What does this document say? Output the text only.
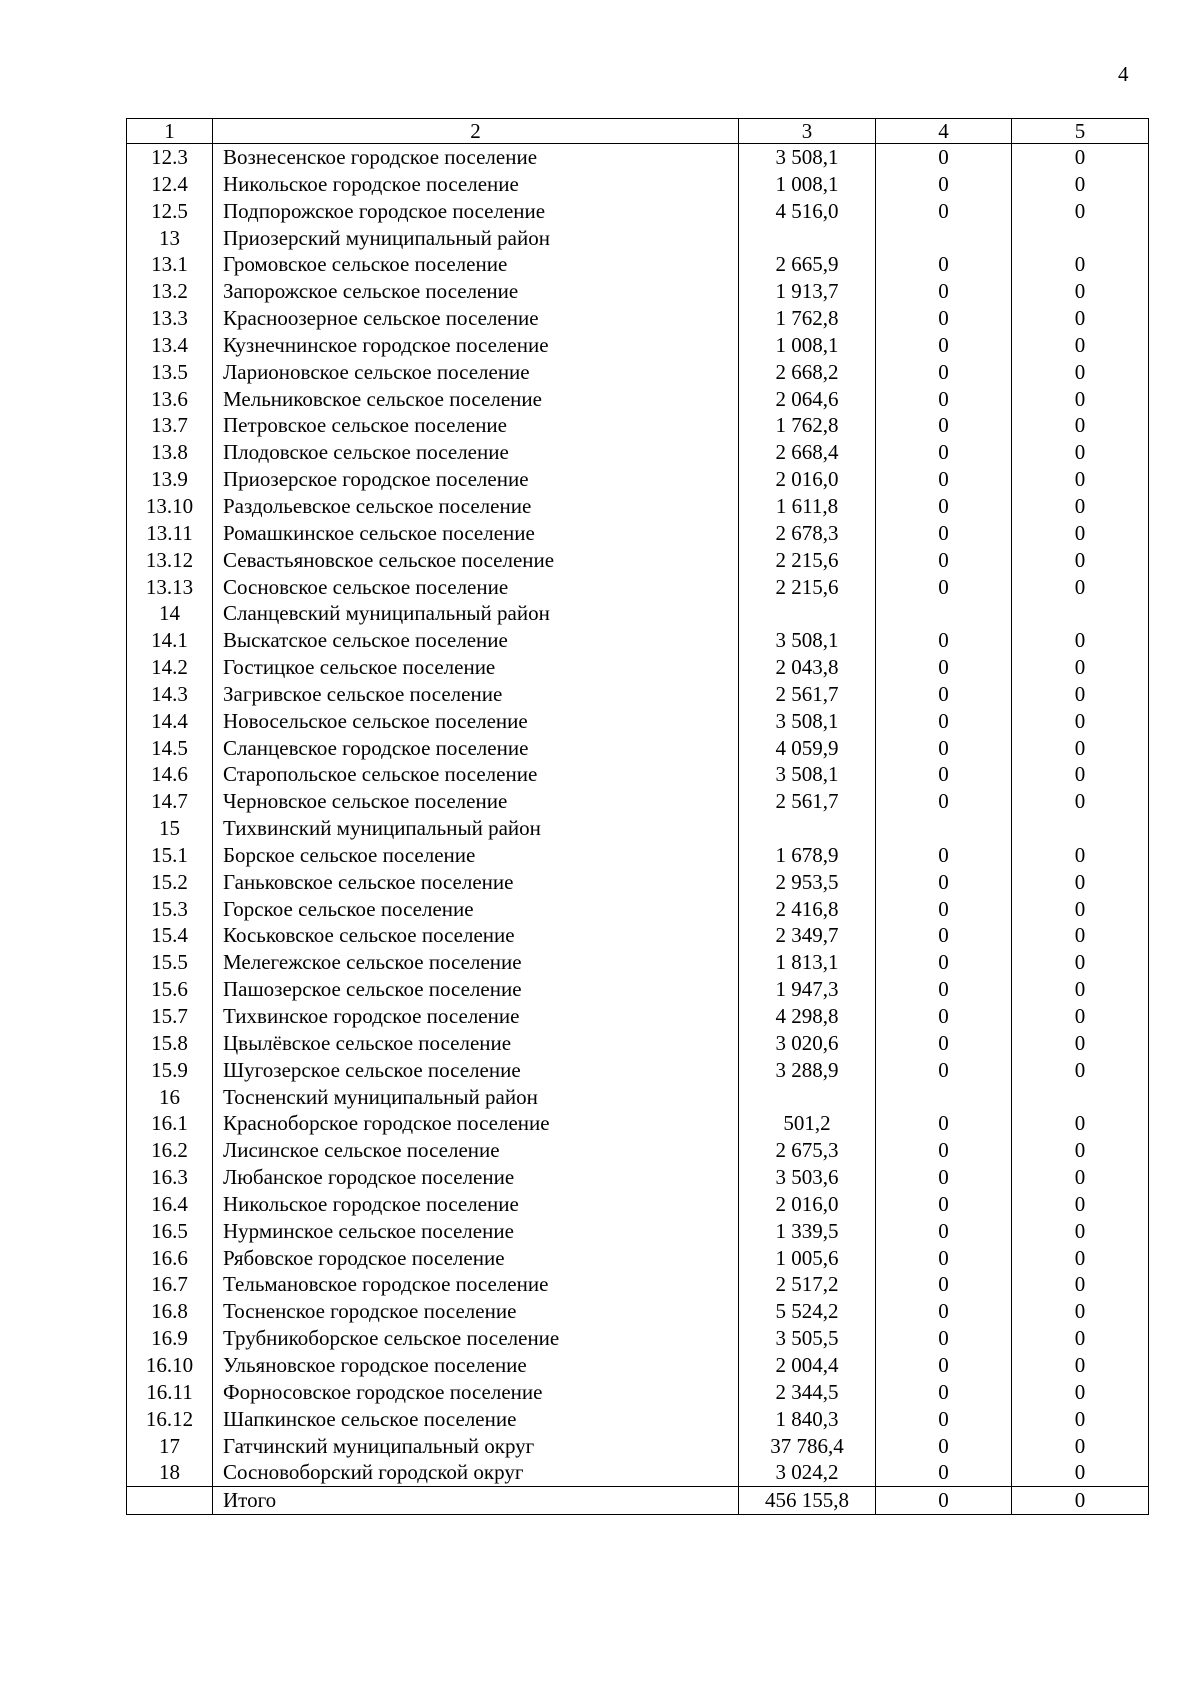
4
1	2	3	4	5
12.3	Вознесенское городское поселение	3 508,1	0	0
12.4	Никольское городское поселение	1 008,1	0	0
12.5	Подпорожское городское поселение	4 516,0	0	0
13	Приозерский муниципальный район			
13.1	Громовское сельское поселение	2 665,9	0	0
13.2	Запорожское сельское поселение	1 913,7	0	0
13.3	Красноозерное сельское поселение	1 762,8	0	0
13.4	Кузнечнинское городское поселение	1 008,1	0	0
13.5	Ларионовское сельское поселение	2 668,2	0	0
13.6	Мельниковское сельское поселение	2 064,6	0	0
13.7	Петровское сельское поселение	1 762,8	0	0
13.8	Плодовское сельское поселение	2 668,4	0	0
13.9	Приозерское городское поселение	2 016,0	0	0
13.10	Раздольевское сельское поселение	1 611,8	0	0
13.11	Ромашкинское сельское поселение	2 678,3	0	0
13.12	Севастьяновское сельское поселение	2 215,6	0	0
13.13	Сосновское сельское поселение	2 215,6	0	0
14	Сланцевский муниципальный район			
14.1	Выскатское сельское поселение	3 508,1	0	0
14.2	Гостицкое сельское поселение	2 043,8	0	0
14.3	Загривское сельское поселение	2 561,7	0	0
14.4	Новосельское сельское поселение	3 508,1	0	0
14.5	Сланцевское городское поселение	4 059,9	0	0
14.6	Старопольское сельское поселение	3 508,1	0	0
14.7	Черновское сельское поселение	2 561,7	0	0
15	Тихвинский муниципальный район			
15.1	Борское сельское поселение	1 678,9	0	0
15.2	Ганьковское сельское поселение	2 953,5	0	0
15.3	Горское сельское поселение	2 416,8	0	0
15.4	Коськовское сельское поселение	2 349,7	0	0
15.5	Мелегежское сельское поселение	1 813,1	0	0
15.6	Пашозерское сельское поселение	1 947,3	0	0
15.7	Тихвинское городское поселение	4 298,8	0	0
15.8	Цвылёвское сельское поселение	3 020,6	0	0
15.9	Шугозерское сельское поселение	3 288,9	0	0
16	Тосненский муниципальный район			
16.1	Красноборское городское поселение	501,2	0	0
16.2	Лисинское сельское поселение	2 675,3	0	0
16.3	Любанское городское поселение	3 503,6	0	0
16.4	Никольское городское поселение	2 016,0	0	0
16.5	Нурминское сельское поселение	1 339,5	0	0
16.6	Рябовское городское поселение	1 005,6	0	0
16.7	Тельмановское городское поселение	2 517,2	0	0
16.8	Тосненское городское поселение	5 524,2	0	0
16.9	Трубникоборское сельское поселение	3 505,5	0	0
16.10	Ульяновское городское поселение	2 004,4	0	0
16.11	Форносовское городское поселение	2 344,5	0	0
16.12	Шапкинское сельское поселение	1 840,3	0	0
17	Гатчинский муниципальный округ	37 786,4	0	0
18	Сосновоборский городской округ	3 024,2	0	0
	Итого	456 155,8	0	0
